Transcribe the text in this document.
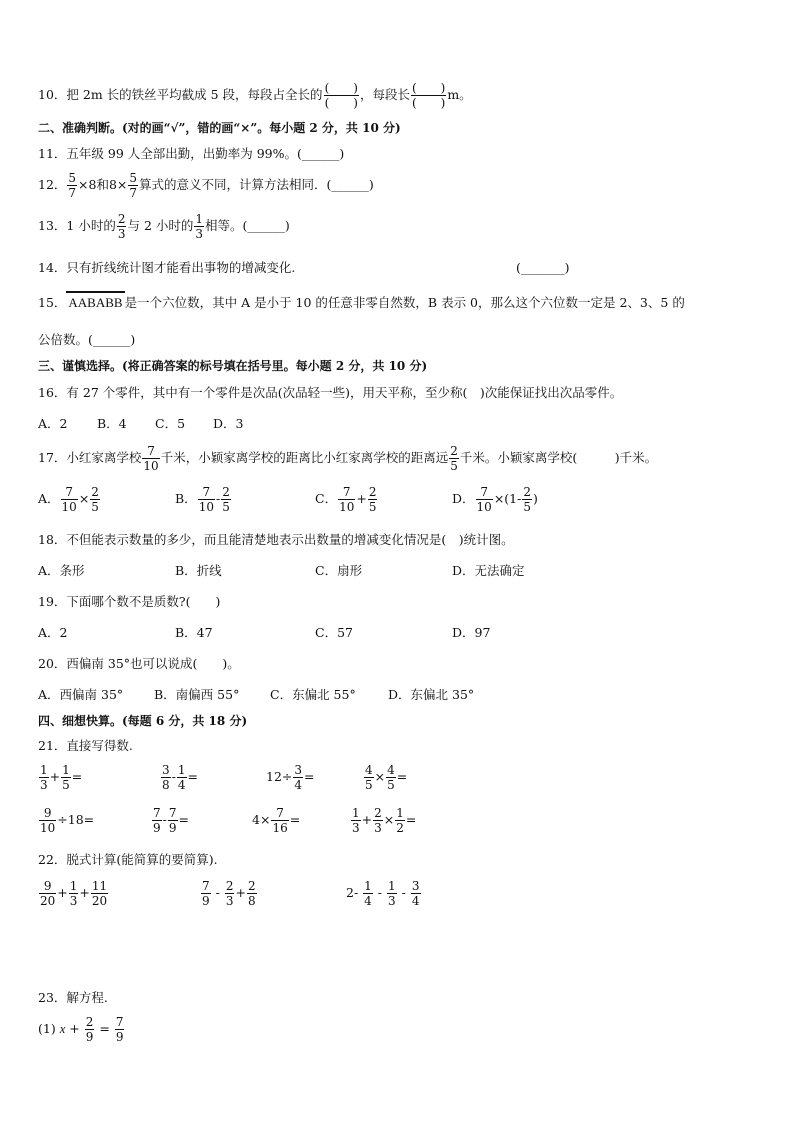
10．把 2m 长的铁丝平均截成 5 段，每段占全长的 (　　)
(　　)
，每段长 (　　)
(　　)
m。
二、准确判断。(对的画“√”，错的画“×”。每小题 2 分，共 10 分)
11．五年级 99 人全部出勤，出勤率为 99%。(______)
12． $\frac{5}{7} \times 8$和$8\times \frac{5}{7}$ 算式的意义不同，计算方法相同．(______)
13．1 小时的 $\frac{2}{3}$ 与 2 小时的 $\frac{1}{3}$ 相等。(______)
14．只有折线统计图才能看出事物的增减变化.	(_______)
15． AABABB 是一个六位数，其中 A 是小于 10 的任意非零自然数，B 表示 0，那么这个六位数一定是 2、3、5 的
公倍数。(______)
三、谨慎选择。(将正确答案的标号填在括号里。每小题 2 分，共 10 分)
16．有 27 个零件，其中有一个零件是次品(次品轻一些)，用天平称，至少称(　)次能保证找出次品零件。
A．2 B．4 C．5 D．3
17．小红家离学校 $\frac{7}{10}$ 千米，小颖家离学校的距离比小红家离学校的距离远 $\frac{2}{5}$ 千米。小颖家离学校(　　　)千米。
A． $\frac{7}{10} \times \frac{2}{5}$	B． $\frac{7}{10} - \frac{2}{5}$	C． $\frac{7}{10} + \frac{2}{5}$	D． $\frac{7}{10} \times(1- \frac{2}{5}$ )
18．不但能表示数量的多少，而且能清楚地表示出数量的增减变化情况是(　)统计图。
A．条形	B．折线	C．扇形	D．无法确定
19．下面哪个数不是质数?(　　)
A．2	B．47	C．57	D．97
20．西偏南 35°也可以说成(　　)。
A．西偏南 35° B．南偏西 55° C．东偏北 55°	D．东偏北 35°
四、细想快算。(每题 6 分，共 18 分)
21．直接写得数.
$\frac{1}{3} + \frac{1}{5}$ =	$\frac{3}{8} - \frac{1}{4}$ =	$12\div \frac{3}{4}$ =	$\frac{4}{5} \times \frac{4}{5}$ =
$\frac{9}{10} \div 18=$	$\frac{7}{9} - \frac{7}{9}$ =	$4\times \frac{7}{16}$ =	$\frac{1}{3} + \frac{2}{3} \times \frac{1}{2}$ =
22．脱式计算(能简算的要简算).
$\frac{9}{20} + \frac{1}{3} + \frac{11}{20}$	$\frac{7}{9} - \frac{2}{3} + \frac{2}{8}$	$2- \frac{1}{4} - \frac{1}{3} - \frac{3}{4}$
23．解方程.
(1) $x + \frac{2}{9} = \frac{7}{9}$
